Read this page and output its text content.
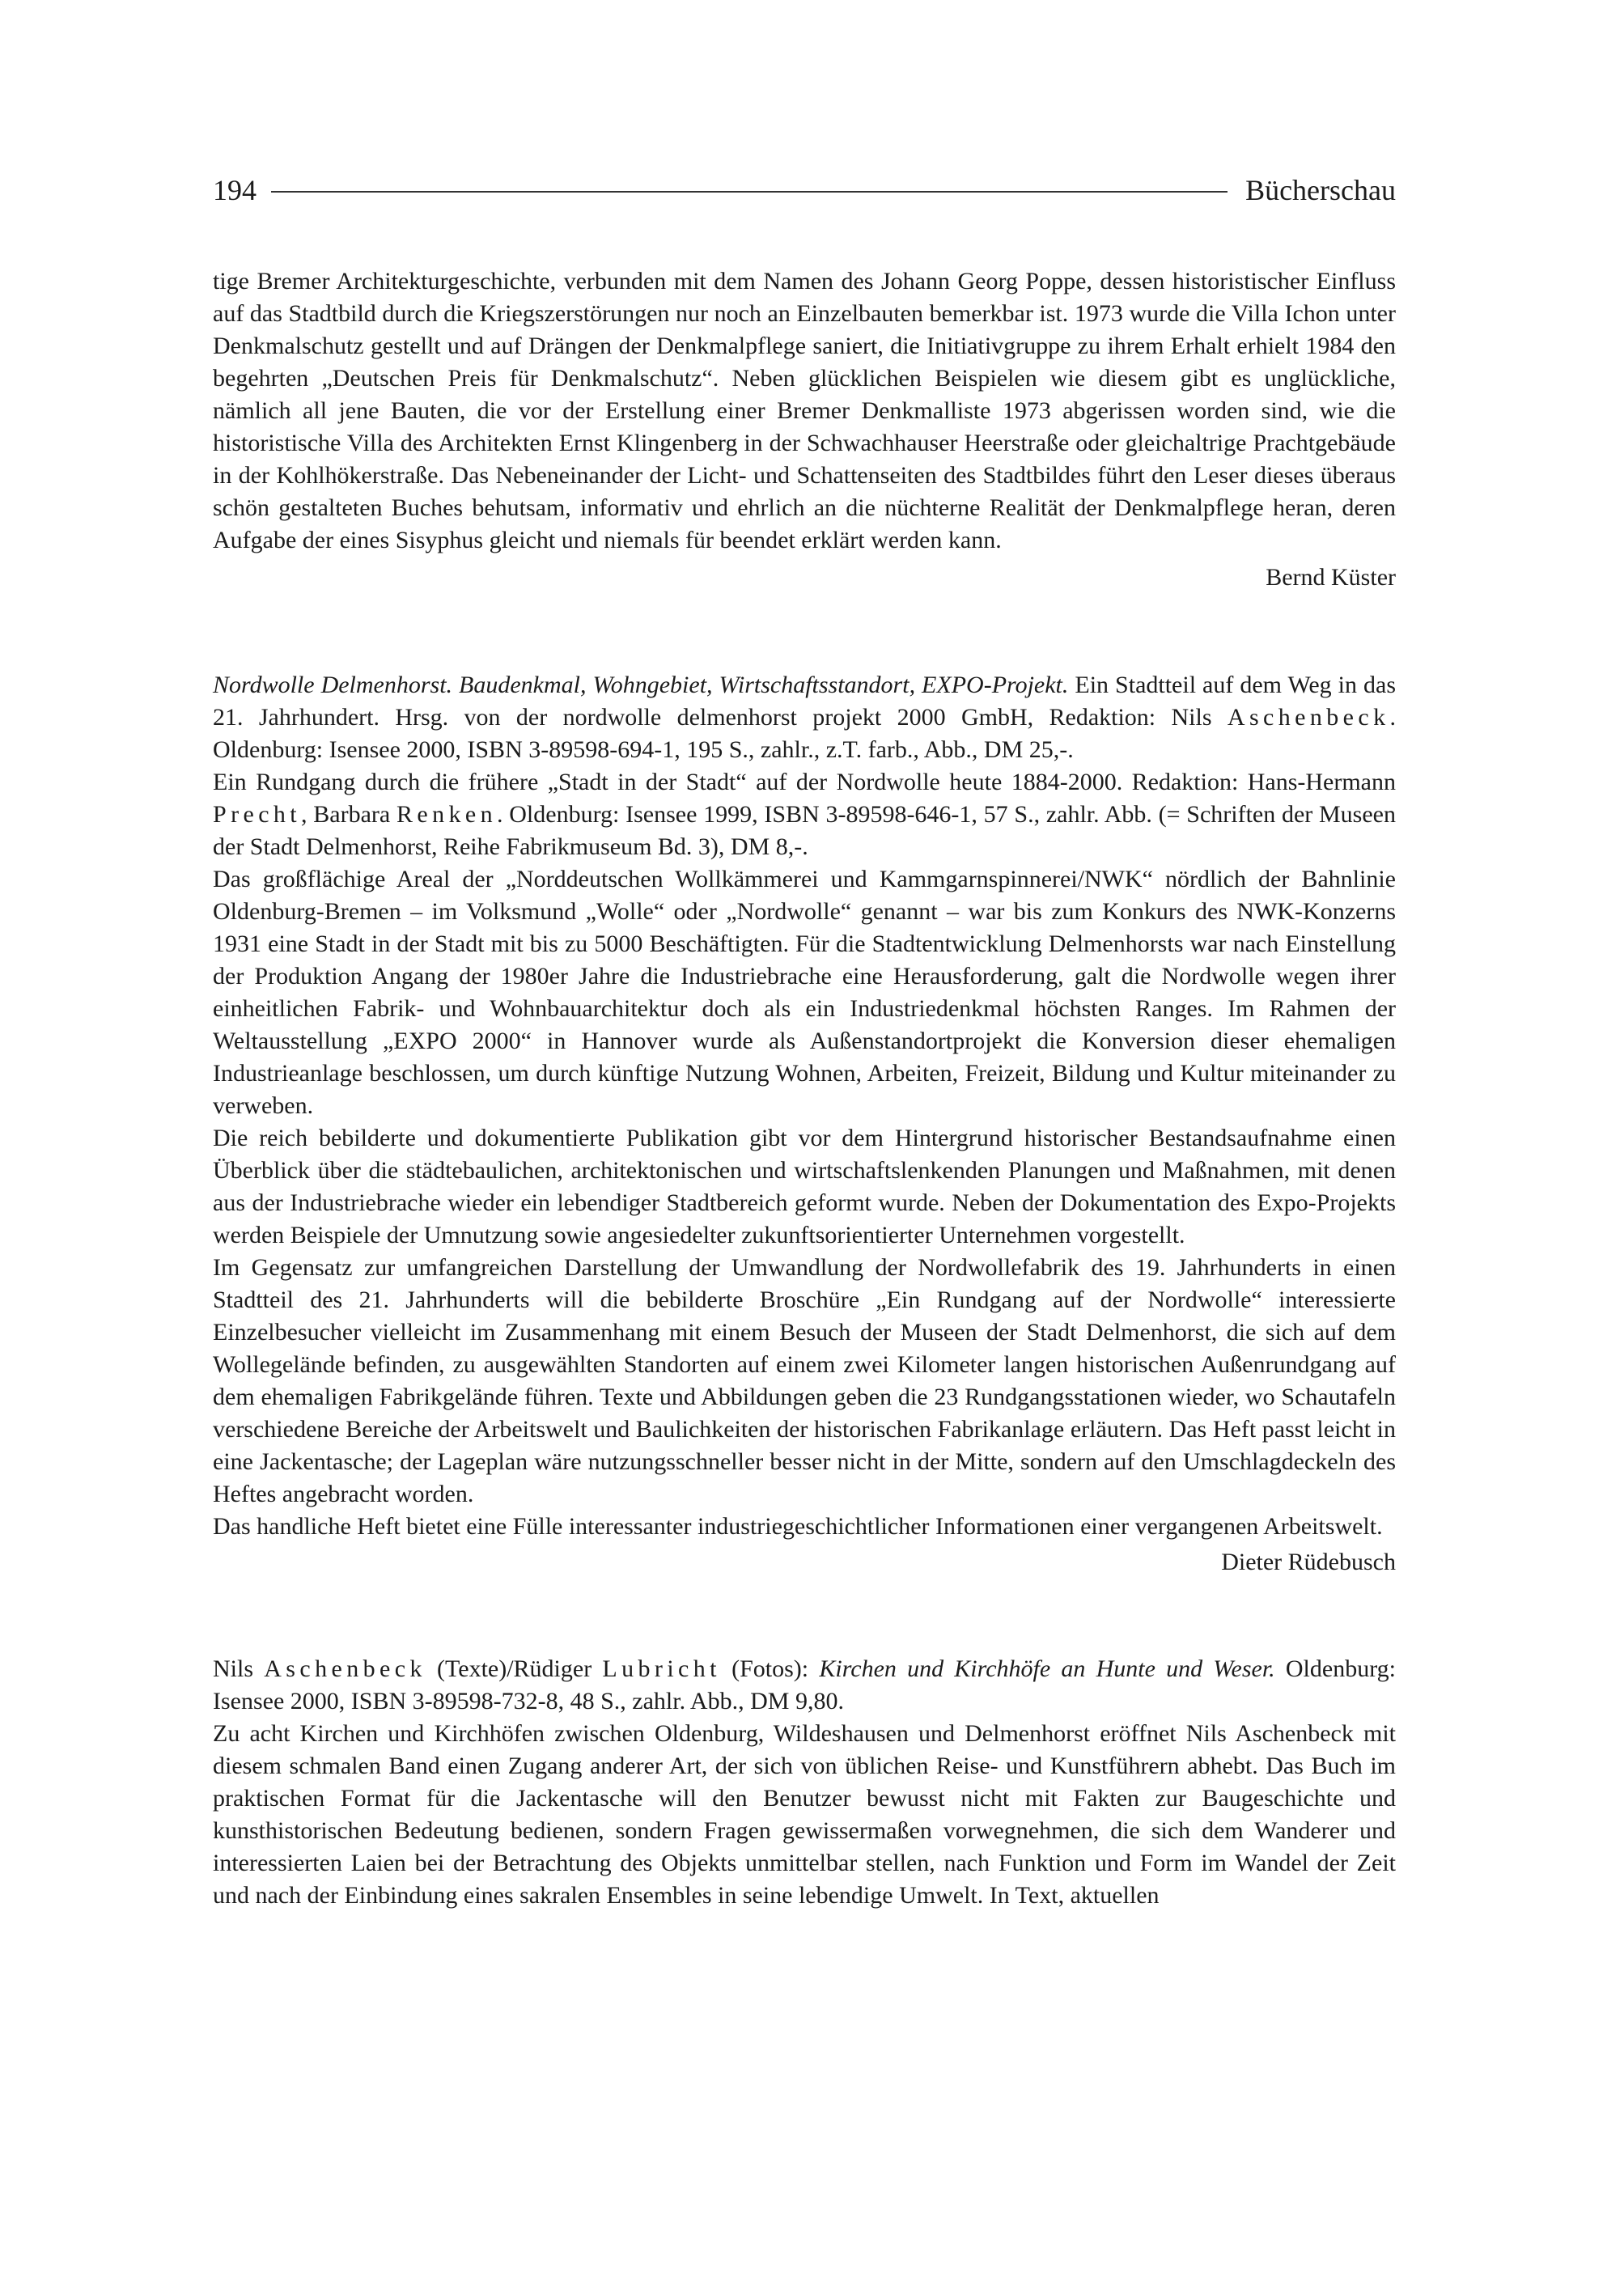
194	Bücherschau

tige Bremer Architekturgeschichte, verbunden mit dem Namen des Johann Georg Poppe, dessen historistischer Einfluss auf das Stadtbild durch die Kriegszerstörungen nur noch an Einzelbauten bemerkbar ist. 1973 wurde die Villa Ichon unter Denkmalschutz gestellt und auf Drängen der Denkmalpflege saniert, die Initiativgruppe zu ihrem Erhalt erhielt 1984 den begehrten „Deutschen Preis für Denkmalschutz“. Neben glücklichen Beispielen wie diesem gibt es unglückliche, nämlich all jene Bauten, die vor der Erstellung einer Bremer Denkmalliste 1973 abgerissen worden sind, wie die historistische Villa des Architekten Ernst Klingenberg in der Schwachhauser Heerstraße oder gleichaltrige Prachtgebäude in der Kohlhökerstraße. Das Nebeneinander der Licht- und Schattenseiten des Stadtbildes führt den Leser dieses überaus schön gestalteten Buches behutsam, informativ und ehrlich an die nüchterne Realität der Denkmalpflege heran, deren Aufgabe der eines Sisyphus gleicht und niemals für beendet erklärt werden kann.

Bernd Küster

Nordwolle Delmenhorst. Baudenkmal, Wohngebiet, Wirtschaftsstandort, EXPO-Projekt. Ein Stadtteil auf dem Weg in das 21. Jahrhundert. Hrsg. von der nordwolle delmenhorst projekt 2000 GmbH, Redaktion: Nils Aschenbeck. Oldenburg: Isensee 2000, ISBN 3-89598-694-1, 195 S., zahlr., z.T. farb., Abb., DM 25,-.

Ein Rundgang durch die frühere „Stadt in der Stadt“ auf der Nordwolle heute 1884-2000. Redaktion: Hans-Hermann Precht, Barbara Renken. Oldenburg: Isensee 1999, ISBN 3-89598-646-1, 57 S., zahlr. Abb. (= Schriften der Museen der Stadt Delmenhorst, Reihe Fabrikmuseum Bd. 3), DM 8,-.

Das großflächige Areal der „Norddeutschen Wollkämmerei und Kammgarnspinnerei/NWK“ nördlich der Bahnlinie Oldenburg-Bremen – im Volksmund „Wolle“ oder „Nordwolle“ genannt – war bis zum Konkurs des NWK-Konzerns 1931 eine Stadt in der Stadt mit bis zu 5000 Beschäftigten. Für die Stadtentwicklung Delmenhorsts war nach Einstellung der Produktion Angang der 1980er Jahre die Industriebrache eine Herausforderung, galt die Nordwolle wegen ihrer einheitlichen Fabrik- und Wohnbauarchitektur doch als ein Industriedenkmal höchsten Ranges. Im Rahmen der Weltausstellung „EXPO 2000“ in Hannover wurde als Außenstandortprojekt die Konversion dieser ehemaligen Industrieanlage beschlossen, um durch künftige Nutzung Wohnen, Arbeiten, Freizeit, Bildung und Kultur miteinander zu verweben.

Die reich bebilderte und dokumentierte Publikation gibt vor dem Hintergrund historischer Bestandsaufnahme einen Überblick über die städtebaulichen, architektonischen und wirtschaftslenkenden Planungen und Maßnahmen, mit denen aus der Industriebrache wieder ein lebendiger Stadtbereich geformt wurde. Neben der Dokumentation des Expo-Projekts werden Beispiele der Umnutzung sowie angesiedelter zukunftsorientierter Unternehmen vorgestellt.

Im Gegensatz zur umfangreichen Darstellung der Umwandlung der Nordwollefabrik des 19. Jahrhunderts in einen Stadtteil des 21. Jahrhunderts will die bebilderte Broschüre „Ein Rundgang auf der Nordwolle“ interessierte Einzelbesucher vielleicht im Zusammenhang mit einem Besuch der Museen der Stadt Delmenhorst, die sich auf dem Wollegelände befinden, zu ausgewählten Standorten auf einem zwei Kilometer langen historischen Außenrundgang auf dem ehemaligen Fabrikgelände führen. Texte und Abbildungen geben die 23 Rundgangsstationen wieder, wo Schautafeln verschiedene Bereiche der Arbeitswelt und Baulichkeiten der historischen Fabrikanlage erläutern. Das Heft passt leicht in eine Jackentasche; der Lageplan wäre nutzungsschneller besser nicht in der Mitte, sondern auf den Umschlagdeckeln des Heftes angebracht worden.

Das handliche Heft bietet eine Fülle interessanter industriegeschichtlicher Informationen einer vergangenen Arbeitswelt.

Dieter Rüdebusch

Nils Aschenbeck (Texte)/Rüdiger Lubricht (Fotos): Kirchen und Kirchhöfe an Hunte und Weser. Oldenburg: Isensee 2000, ISBN 3-89598-732-8, 48 S., zahlr. Abb., DM 9,80.

Zu acht Kirchen und Kirchhöfen zwischen Oldenburg, Wildeshausen und Delmenhorst eröffnet Nils Aschenbeck mit diesem schmalen Band einen Zugang anderer Art, der sich von üblichen Reise- und Kunstführern abhebt. Das Buch im praktischen Format für die Jackentasche will den Benutzer bewusst nicht mit Fakten zur Baugeschichte und kunsthistorischen Bedeutung bedienen, sondern Fragen gewissermaßen vorwegnehmen, die sich dem Wanderer und interessierten Laien bei der Betrachtung des Objekts unmittelbar stellen, nach Funktion und Form im Wandel der Zeit und nach der Einbindung eines sakralen Ensembles in seine lebendige Umwelt. In Text, aktuellen
